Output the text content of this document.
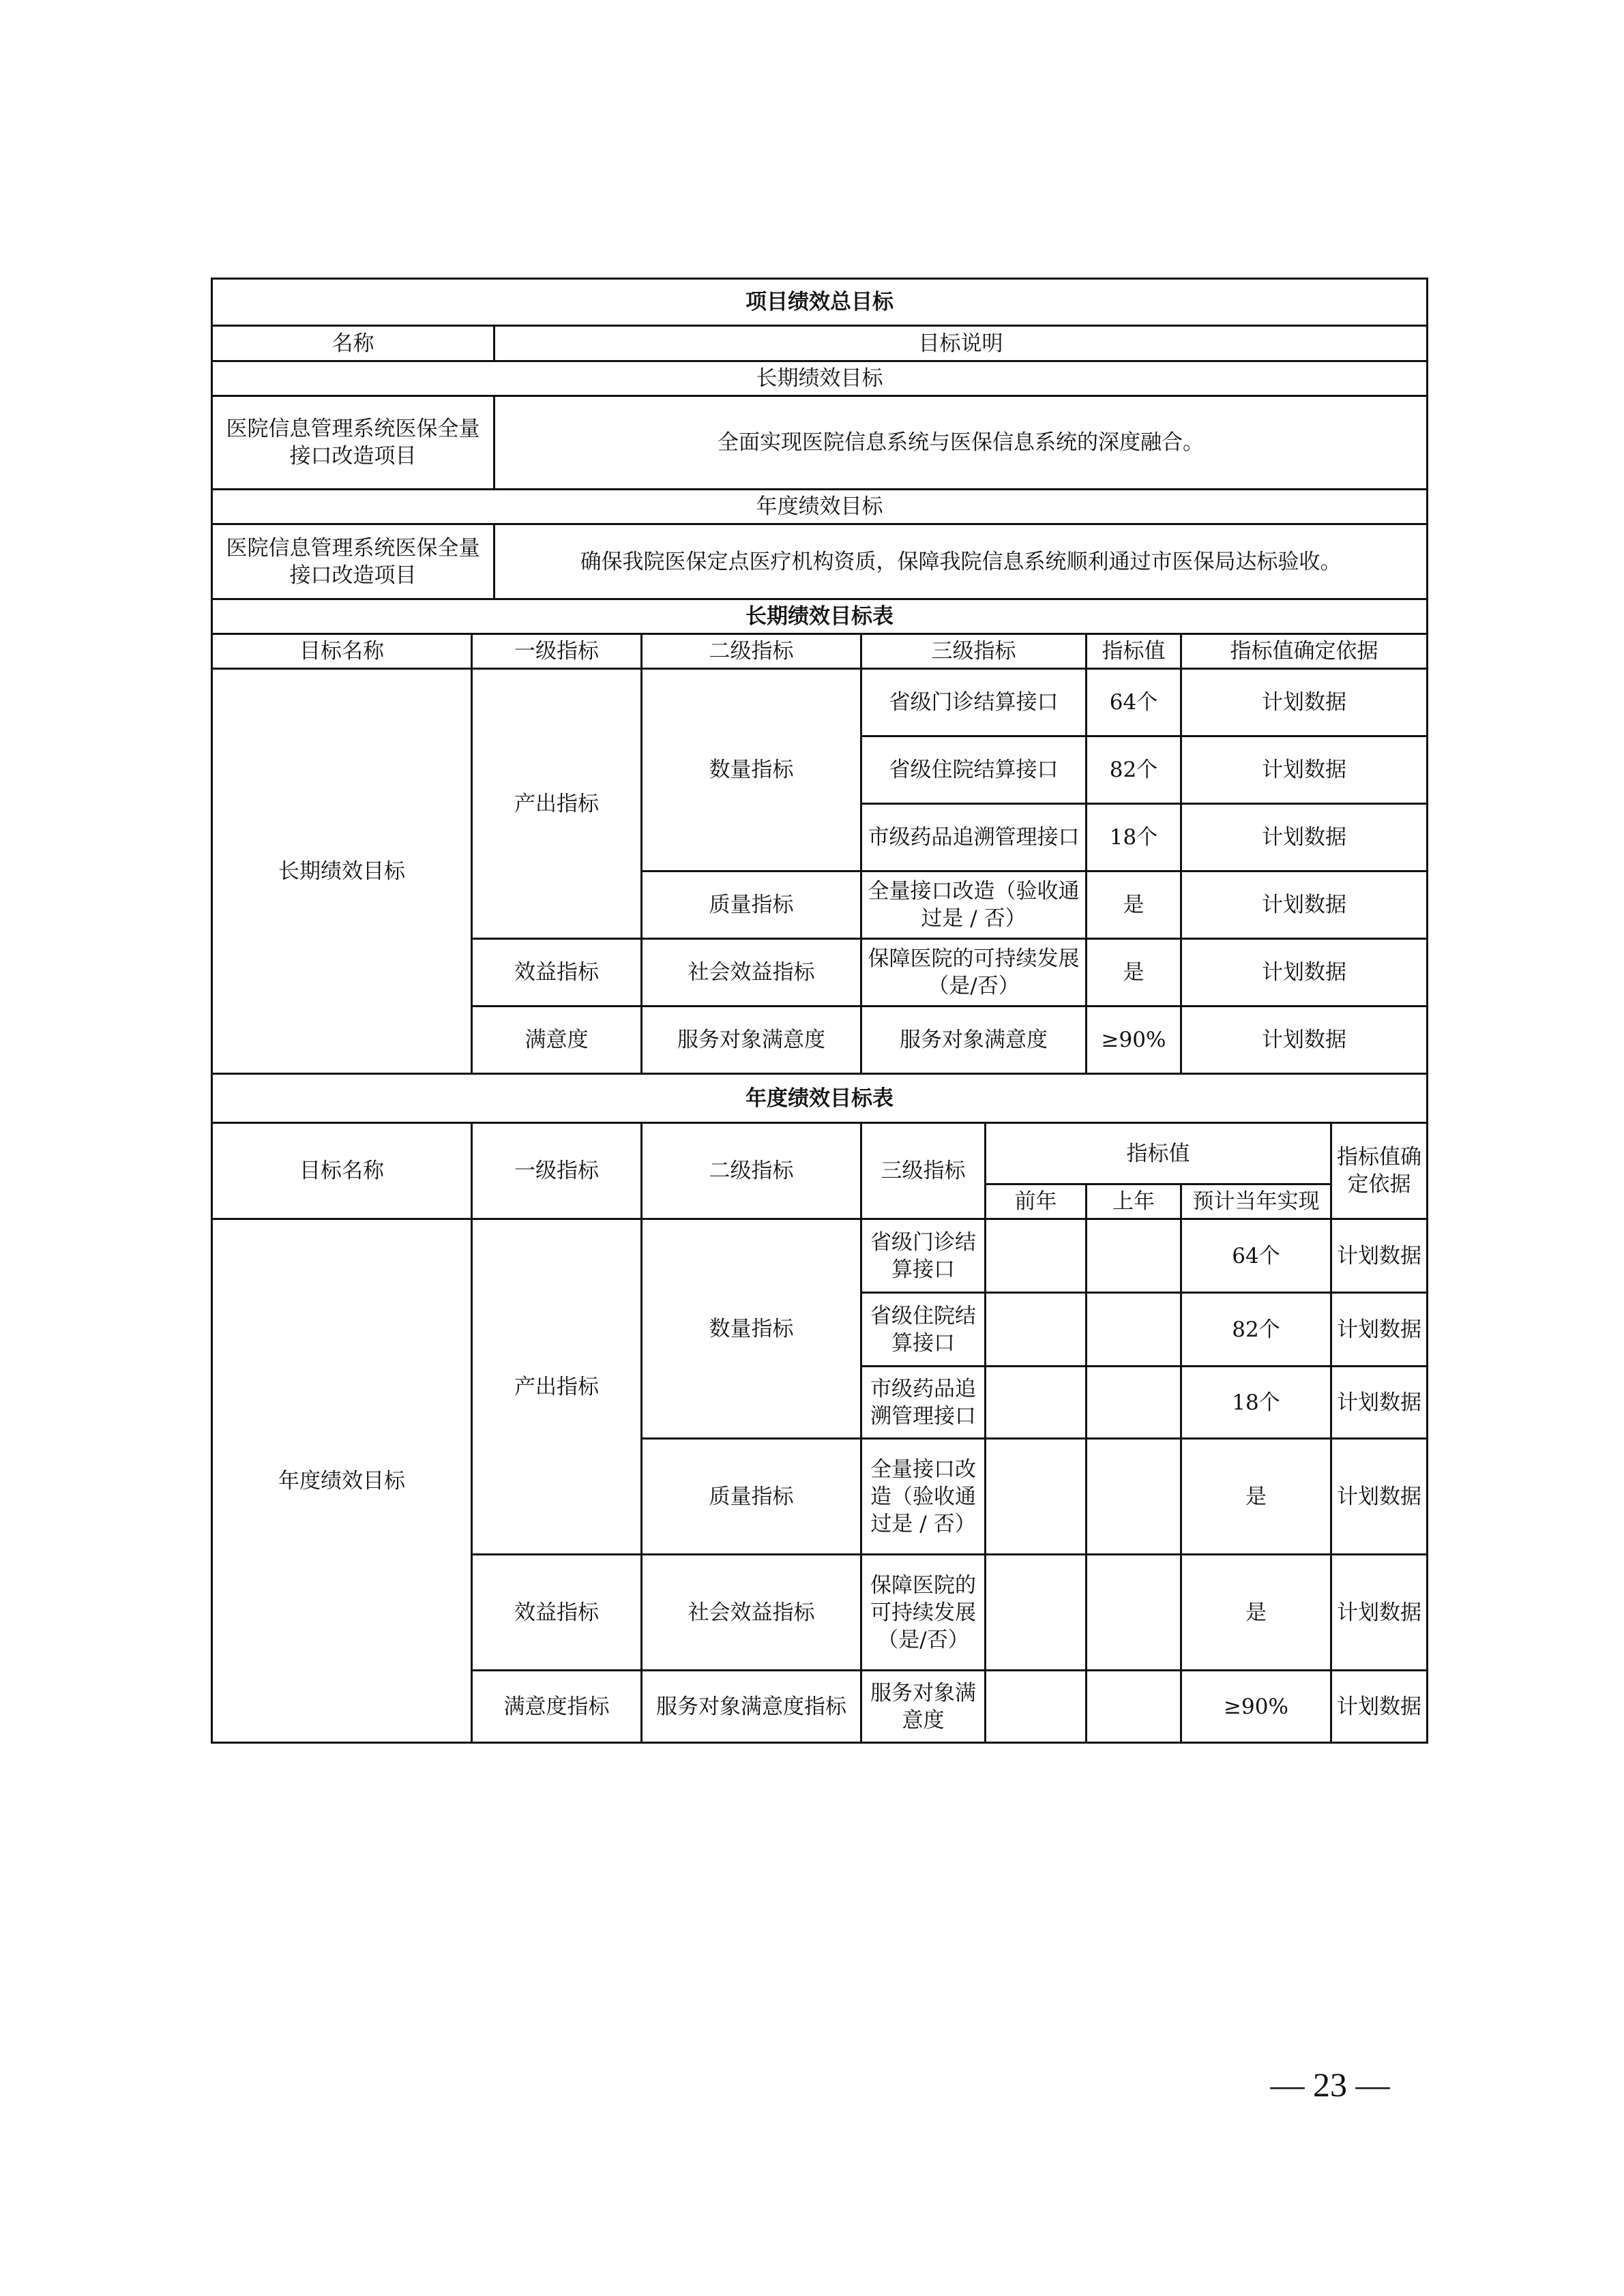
项目绩效总目标								
名称		目标说明						
长期绩效目标								
医院信息管理系统医保全量接口改造项目		全面实现医院信息系统与医保信息系统的深度融合。						
年度绩效目标								
医院信息管理系统医保全量接口改造项目		确保我院医保定点医疗机构资质，保障我院信息系统顺利通过市医保局达标验收。						
长期绩效目标表								
目标名称	一级指标		二级指标	三级指标		指标值	指标值确定依据	
长期绩效目标	产出指标		数量指标	省级门诊结算接口		64个	计划数据	
				省级住院结算接口		82个	计划数据	
				市级药品追溯管理接口		18个	计划数据	
			质量指标	全量接口改造（验收通过是 / 否）		是	计划数据	
	效益指标		社会效益指标	保障医院的可持续发展（是/否）		是	计划数据	
	满意度		服务对象满意度	服务对象满意度		≥90%	计划数据	
年度绩效目标表								
目标名称	一级指标		二级指标	三级指标	指标值			指标值确定依据
					前年	上年	预计当年实现	
年度绩效目标	产出指标		数量指标	省级门诊结算接口			64个	计划数据
				省级住院结算接口			82个	计划数据
				市级药品追溯管理接口			18个	计划数据
			质量指标	全量接口改造（验收通过是 / 否）			是	计划数据
	效益指标		社会效益指标	保障医院的可持续发展（是/否）			是	计划数据
	满意度指标		服务对象满意度指标	服务对象满意度			≥90%	计划数据
— 23 —
